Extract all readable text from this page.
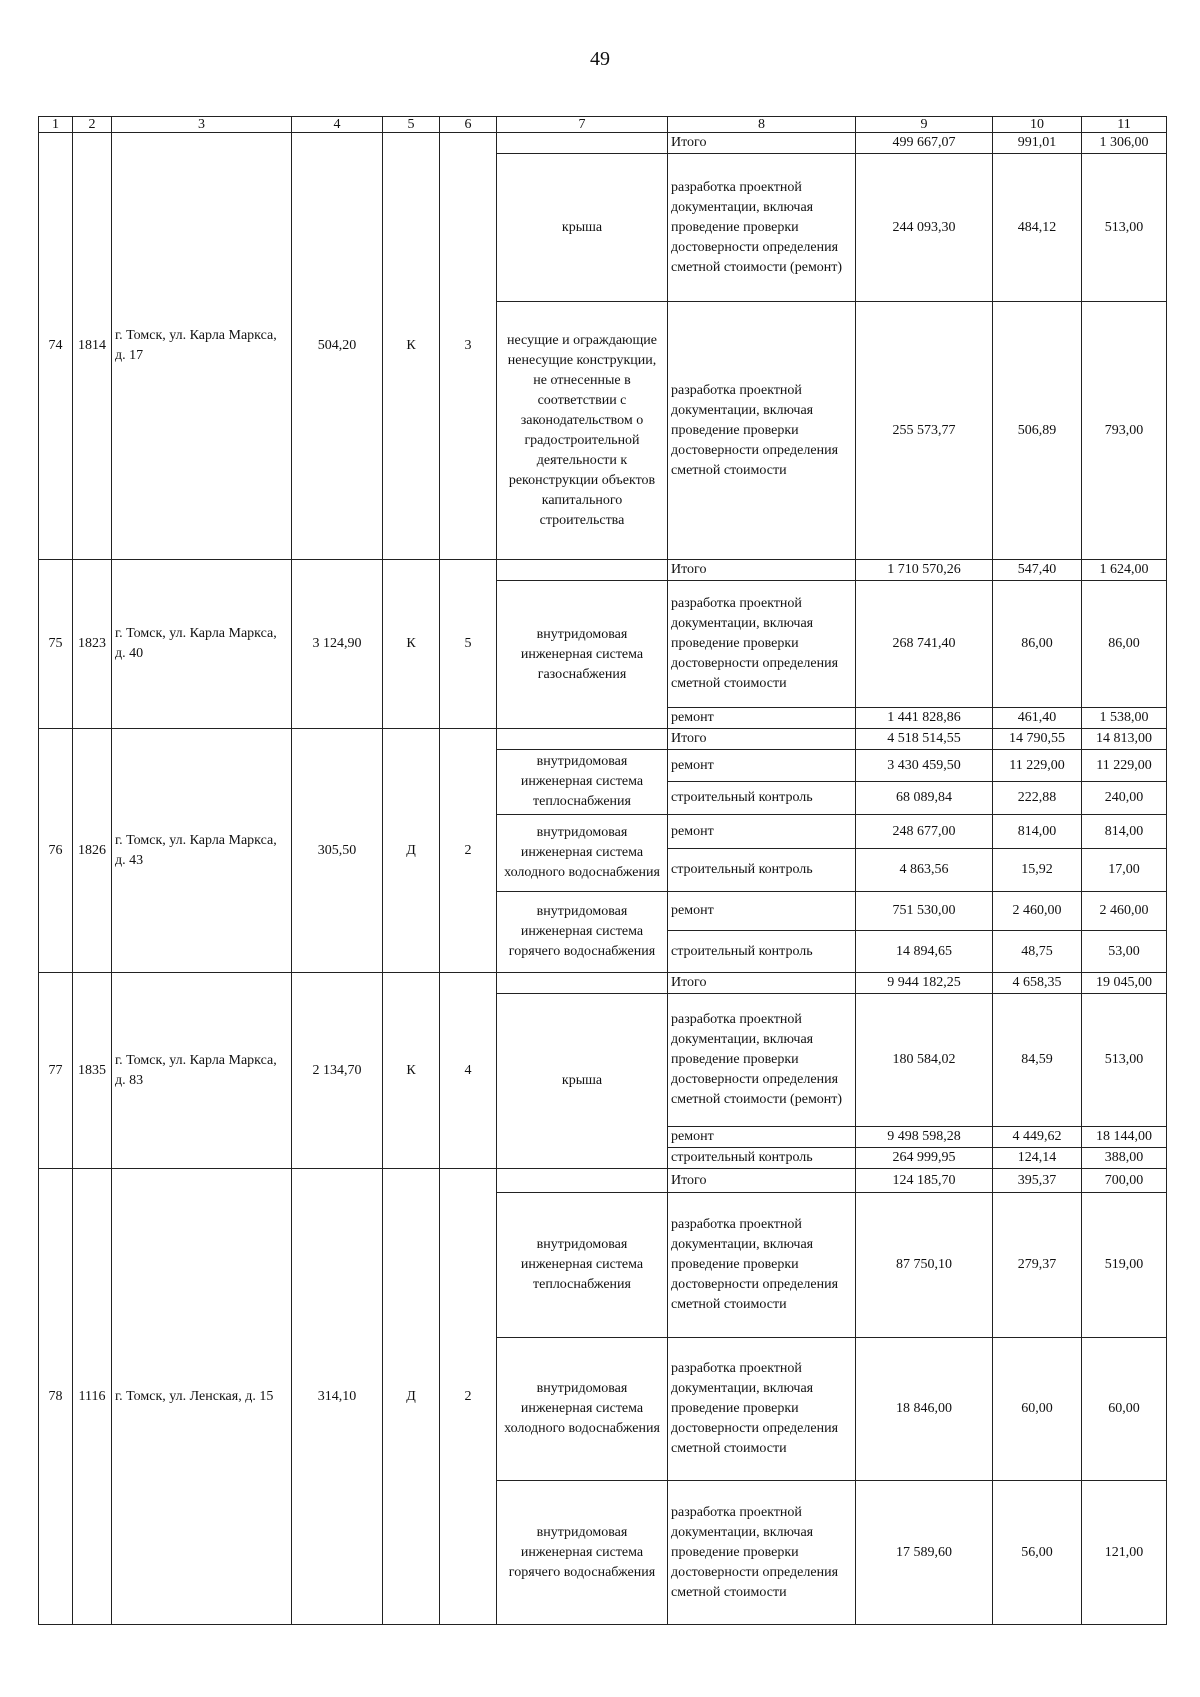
49
1	2	3	4	5	6	7	8	9	10	11
74	1814	г. Томск, ул. Карла Маркса, д. 17	504,20	К	3		Итого	499 667,07	991,01	1 306,00
						крыша	разработка проектной документации, включая проведение проверки достоверности определения сметной стоимости (ремонт)	244 093,30	484,12	513,00
						несущие и ограждающие ненесущие конструкции, не отнесенные в соответствии с законодательством о градостроительной деятельности к реконструкции объектов капитального строительства	разработка проектной документации, включая проведение проверки достоверности определения сметной стоимости	255 573,77	506,89	793,00
75	1823	г. Томск, ул. Карла Маркса, д. 40	3 124,90	К	5		Итого	1 710 570,26	547,40	1 624,00
						внутридомовая инженерная система газоснабжения	разработка проектной документации, включая проведение проверки достоверности определения сметной стоимости	268 741,40	86,00	86,00
							ремонт	1 441 828,86	461,40	1 538,00
76	1826	г. Томск, ул. Карла Маркса, д. 43	305,50	Д	2		Итого	4 518 514,55	14 790,55	14 813,00
						внутридомовая инженерная система теплоснабжения	ремонт	3 430 459,50	11 229,00	11 229,00
							строительный контроль	68 089,84	222,88	240,00
						внутридомовая инженерная система холодного водоснабжения	ремонт	248 677,00	814,00	814,00
							строительный контроль	4 863,56	15,92	17,00
						внутридомовая инженерная система горячего водоснабжения	ремонт	751 530,00	2 460,00	2 460,00
							строительный контроль	14 894,65	48,75	53,00
77	1835	г. Томск, ул. Карла Маркса, д. 83	2 134,70	К	4		Итого	9 944 182,25	4 658,35	19 045,00
						крыша	разработка проектной документации, включая проведение проверки достоверности определения сметной стоимости (ремонт)	180 584,02	84,59	513,00
							ремонт	9 498 598,28	4 449,62	18 144,00
							строительный контроль	264 999,95	124,14	388,00
78	1116	г. Томск, ул. Ленская, д. 15	314,10	Д	2		Итого	124 185,70	395,37	700,00
						внутридомовая инженерная система теплоснабжения	разработка проектной документации, включая проведение проверки достоверности определения сметной стоимости	87 750,10	279,37	519,00
						внутридомовая инженерная система холодного водоснабжения	разработка проектной документации, включая проведение проверки достоверности определения сметной стоимости	18 846,00	60,00	60,00
						внутридомовая инженерная система горячего водоснабжения	разработка проектной документации, включая проведение проверки достоверности определения сметной стоимости	17 589,60	56,00	121,00
